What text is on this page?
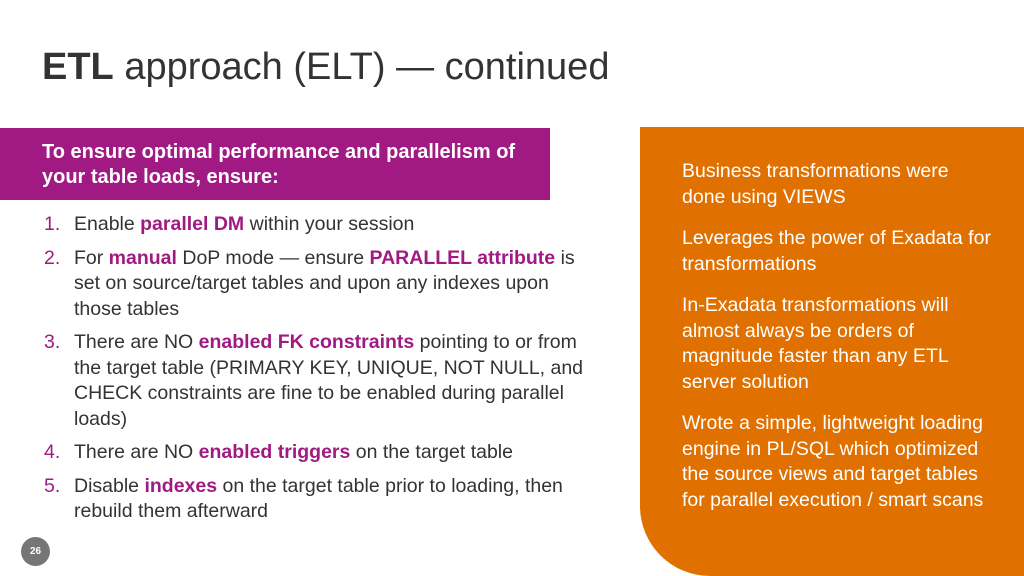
ETL approach (ELT) — continued
To ensure optimal performance and parallelism of your table loads, ensure:
1. Enable parallel DM within your session
2. For manual DoP mode — ensure PARALLEL attribute is set on source/target tables and upon any indexes upon those tables
3. There are NO enabled FK constraints pointing to or from the target table (PRIMARY KEY, UNIQUE, NOT NULL, and CHECK constraints are fine to be enabled during parallel loads)
4. There are NO enabled triggers on the target table
5. Disable indexes on the target table prior to loading, then rebuild them afterward

Business transformations were done using VIEWS

Leverages the power of Exadata for transformations

In-Exadata transformations will almost always be orders of magnitude faster than any ETL server solution

Wrote a simple, lightweight loading engine in PL/SQL which optimized the source views and target tables for parallel execution / smart scans

26
